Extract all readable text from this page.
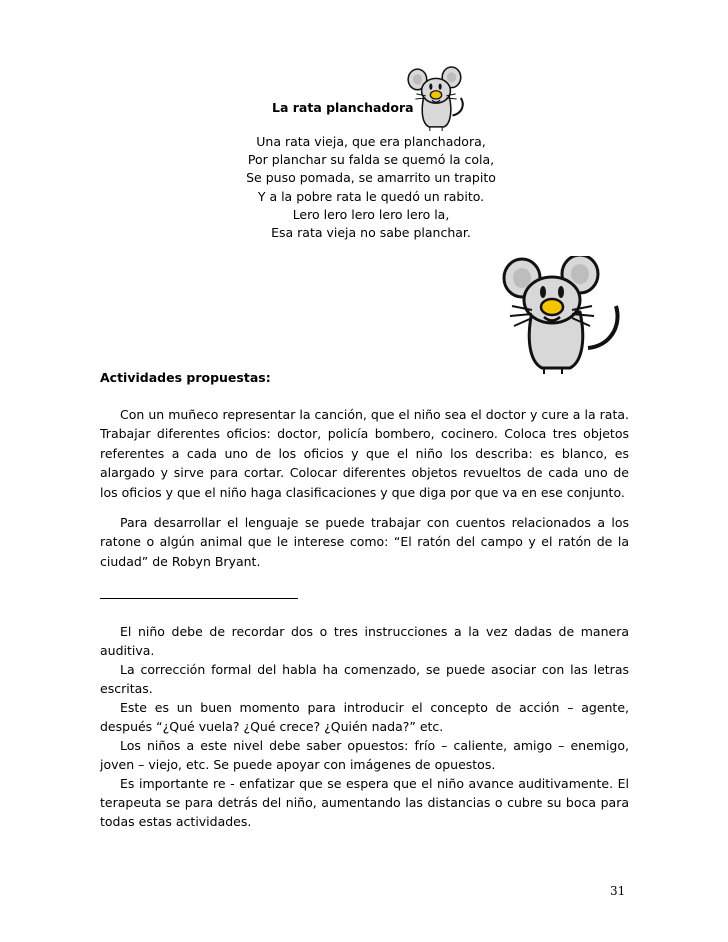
La rata planchadora
Una rata vieja, que era planchadora,
Por planchar su falda se quemó la cola,
Se puso pomada, se amarrito un trapito
Y a la pobre rata le quedó un rabito.
Lero lero lero lero lero la,
Esa rata vieja no sabe planchar.
Actividades propuestas:

Con un muñeco representar la canción, que el niño sea el doctor y cure a la rata. Trabajar diferentes oficios: doctor, policía bombero, cocinero. Coloca tres objetos referentes a cada uno de los oficios y que el niño los describa: es blanco, es alargado y sirve para cortar. Colocar diferentes objetos revueltos de cada uno de los oficios y que el niño haga clasificaciones y que diga por que va en ese conjunto.

Para desarrollar el lenguaje se puede trabajar con cuentos relacionados a los ratone o algún animal que le interese como: “El ratón del campo y el ratón de la ciudad” de Robyn Bryant.

El niño debe de recordar dos o tres instrucciones a la vez dadas de manera auditiva.

La corrección formal del habla ha comenzado, se puede asociar con las letras escritas.

Este es un buen momento para introducir el concepto de acción – agente, después “¿Qué vuela? ¿Qué crece? ¿Quién nada?” etc.

Los niños a este nivel debe saber opuestos: frío – caliente, amigo – enemigo, joven – viejo, etc. Se puede apoyar con imágenes de opuestos.

Es importante re - enfatizar que se espera que el niño avance auditivamente. El terapeuta se para detrás del niño, aumentando las distancias o cubre su boca para todas estas actividades.

31
